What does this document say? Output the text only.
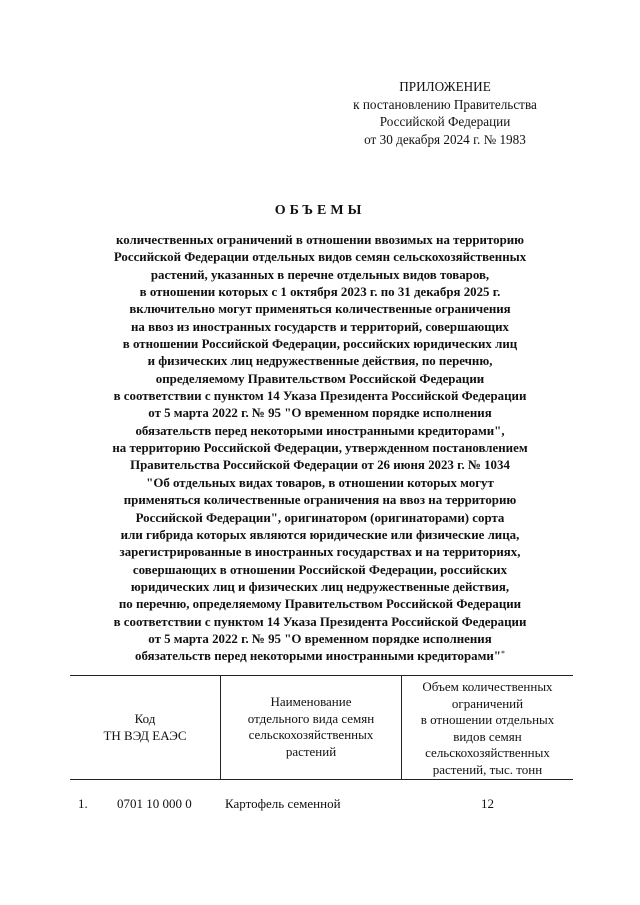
ПРИЛОЖЕНИЕ
к постановлению Правительства
Российской Федерации
от 30 декабря 2024 г. № 1983
ОБЪЕМЫ
количественных ограничений в отношении ввозимых на территорию
Российской Федерации отдельных видов семян сельскохозяйственных
растений, указанных в перечне отдельных видов товаров,
в отношении которых с 1 октября 2023 г. по 31 декабря 2025 г.
включительно могут применяться количественные ограничения
на ввоз из иностранных государств и территорий, совершающих
в отношении Российской Федерации, российских юридических лиц
и физических лиц недружественные действия, по перечню,
определяемому Правительством Российской Федерации
в соответствии с пунктом 14 Указа Президента Российской Федерации
от 5 марта 2022 г. № 95 "О временном порядке исполнения
обязательств перед некоторыми иностранными кредиторами",
на территорию Российской Федерации, утвержденном постановлением
Правительства Российской Федерации от 26 июня 2023 г. № 1034
"Об отдельных видах товаров, в отношении которых могут
применяться количественные ограничения на ввоз на территорию
Российской Федерации", оригинатором (оригинаторами) сорта
или гибрида которых являются юридические или физические лица,
зарегистрированные в иностранных государствах и на территориях,
совершающих в отношении Российской Федерации, российских
юридических лиц и физических лиц недружественные действия,
по перечню, определяемому Правительством Российской Федерации
в соответствии с пунктом 14 Указа Президента Российской Федерации
от 5 марта 2022 г. № 95 "О временном порядке исполнения
обязательств перед некоторыми иностранными кредиторами"*
Код
ТН ВЭД ЕАЭС
Наименование
отдельного вида семян
сельскохозяйственных
растений
Объем количественных
ограничений
в отношении отдельных
видов семян
сельскохозяйственных
растений, тыс. тонн
1. 0701 10 000 0	Картофель семенной	12
